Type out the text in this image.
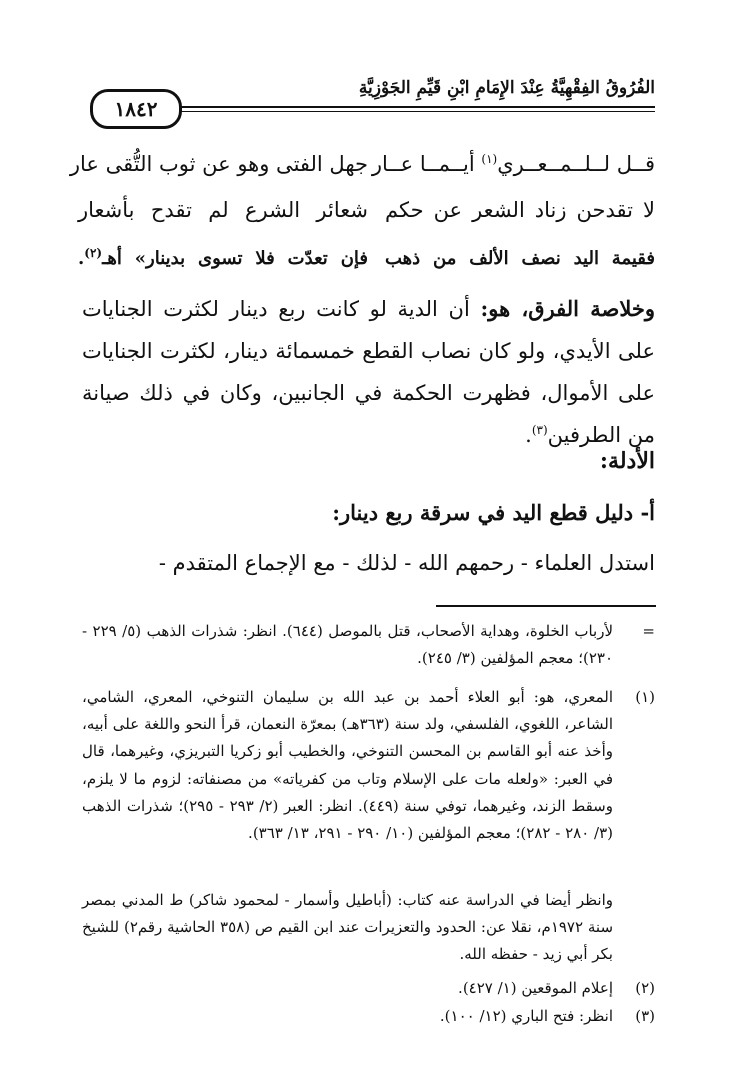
الفُرُوقُ الفِقْهِيَّةُ عِنْدَ الإِمَامِ ابْنِ قَيِّمِ الجَوْزِيَّةِ
١٨٤٢
قــل لــلــمــعــري$^{(١)}$ أيــمــا عــار
جهل الفتى وهو عن ثوب التُّقى عار
لا تقدحن زناد الشعر عن حكم
شعائر الشرع لم تقدح بأشعار
فقيمة اليد نصف الألف من ذهب
فإن تعدّت فلا تسوى بدينار» أهـ$^{(٢)}$.
وخلاصة الفرق، هو: أن الدية لو كانت ربع دينار لكثرت الجنايات على الأيدي، ولو كان نصاب القطع خمسمائة دينار، لكثرت الجنايات على الأموال، فظهرت الحكمة في الجانبين، وكان في ذلك صيانة من الطرفين$^{(٣)}$.
الأدلة:
أ- دليل قطع اليد في سرقة ربع دينار:
استدل العلماء - رحمهم الله - لذلك - مع الإجماع المتقدم -
=
لأرباب الخلوة، وهداية الأصحاب، قتل بالموصل (٦٤٤). انظر: شذرات الذهب (٥/ ٢٢٩ - ٢٣٠)؛ معجم المؤلفين (٣/ ٢٤٥).
(١)
المعري، هو: أبو العلاء أحمد بن عبد الله بن سليمان التنوخي، المعري، الشامي، الشاعر، اللغوي، الفلسفي، ولد سنة (٣٦٣هـ) بمعرّة النعمان، قرأ النحو واللغة على أبيه، وأخذ عنه أبو القاسم بن المحسن التنوخي، والخطيب أبو زكريا التبريزي، وغيرهما، قال في العبر: «ولعله مات على الإسلام وتاب من كفرياته» من مصنفاته: لزوم ما لا يلزم، وسقط الزند، وغيرهما، توفي سنة (٤٤٩). انظر: العبر (٢/ ٢٩٣ - ٢٩٥)؛ شذرات الذهب (٣/ ٢٨٠ - ٢٨٢)؛ معجم المؤلفين (١٠/ ٢٩٠ - ٢٩١، ١٣/ ٣٦٣).
وانظر أيضا في الدراسة عنه كتاب: (أباطيل وأسمار - لمحمود شاكر) ط المدني بمصر سنة ١٩٧٢م، نقلا عن: الحدود والتعزيرات عند ابن القيم ص (٣٥٨ الحاشية رقم٢) للشيخ بكر أبي زيد - حفظه الله.
(٢)
إعلام الموقعين (١/ ٤٢٧).
(٣)
انظر: فتح الباري (١٢/ ١٠٠).
